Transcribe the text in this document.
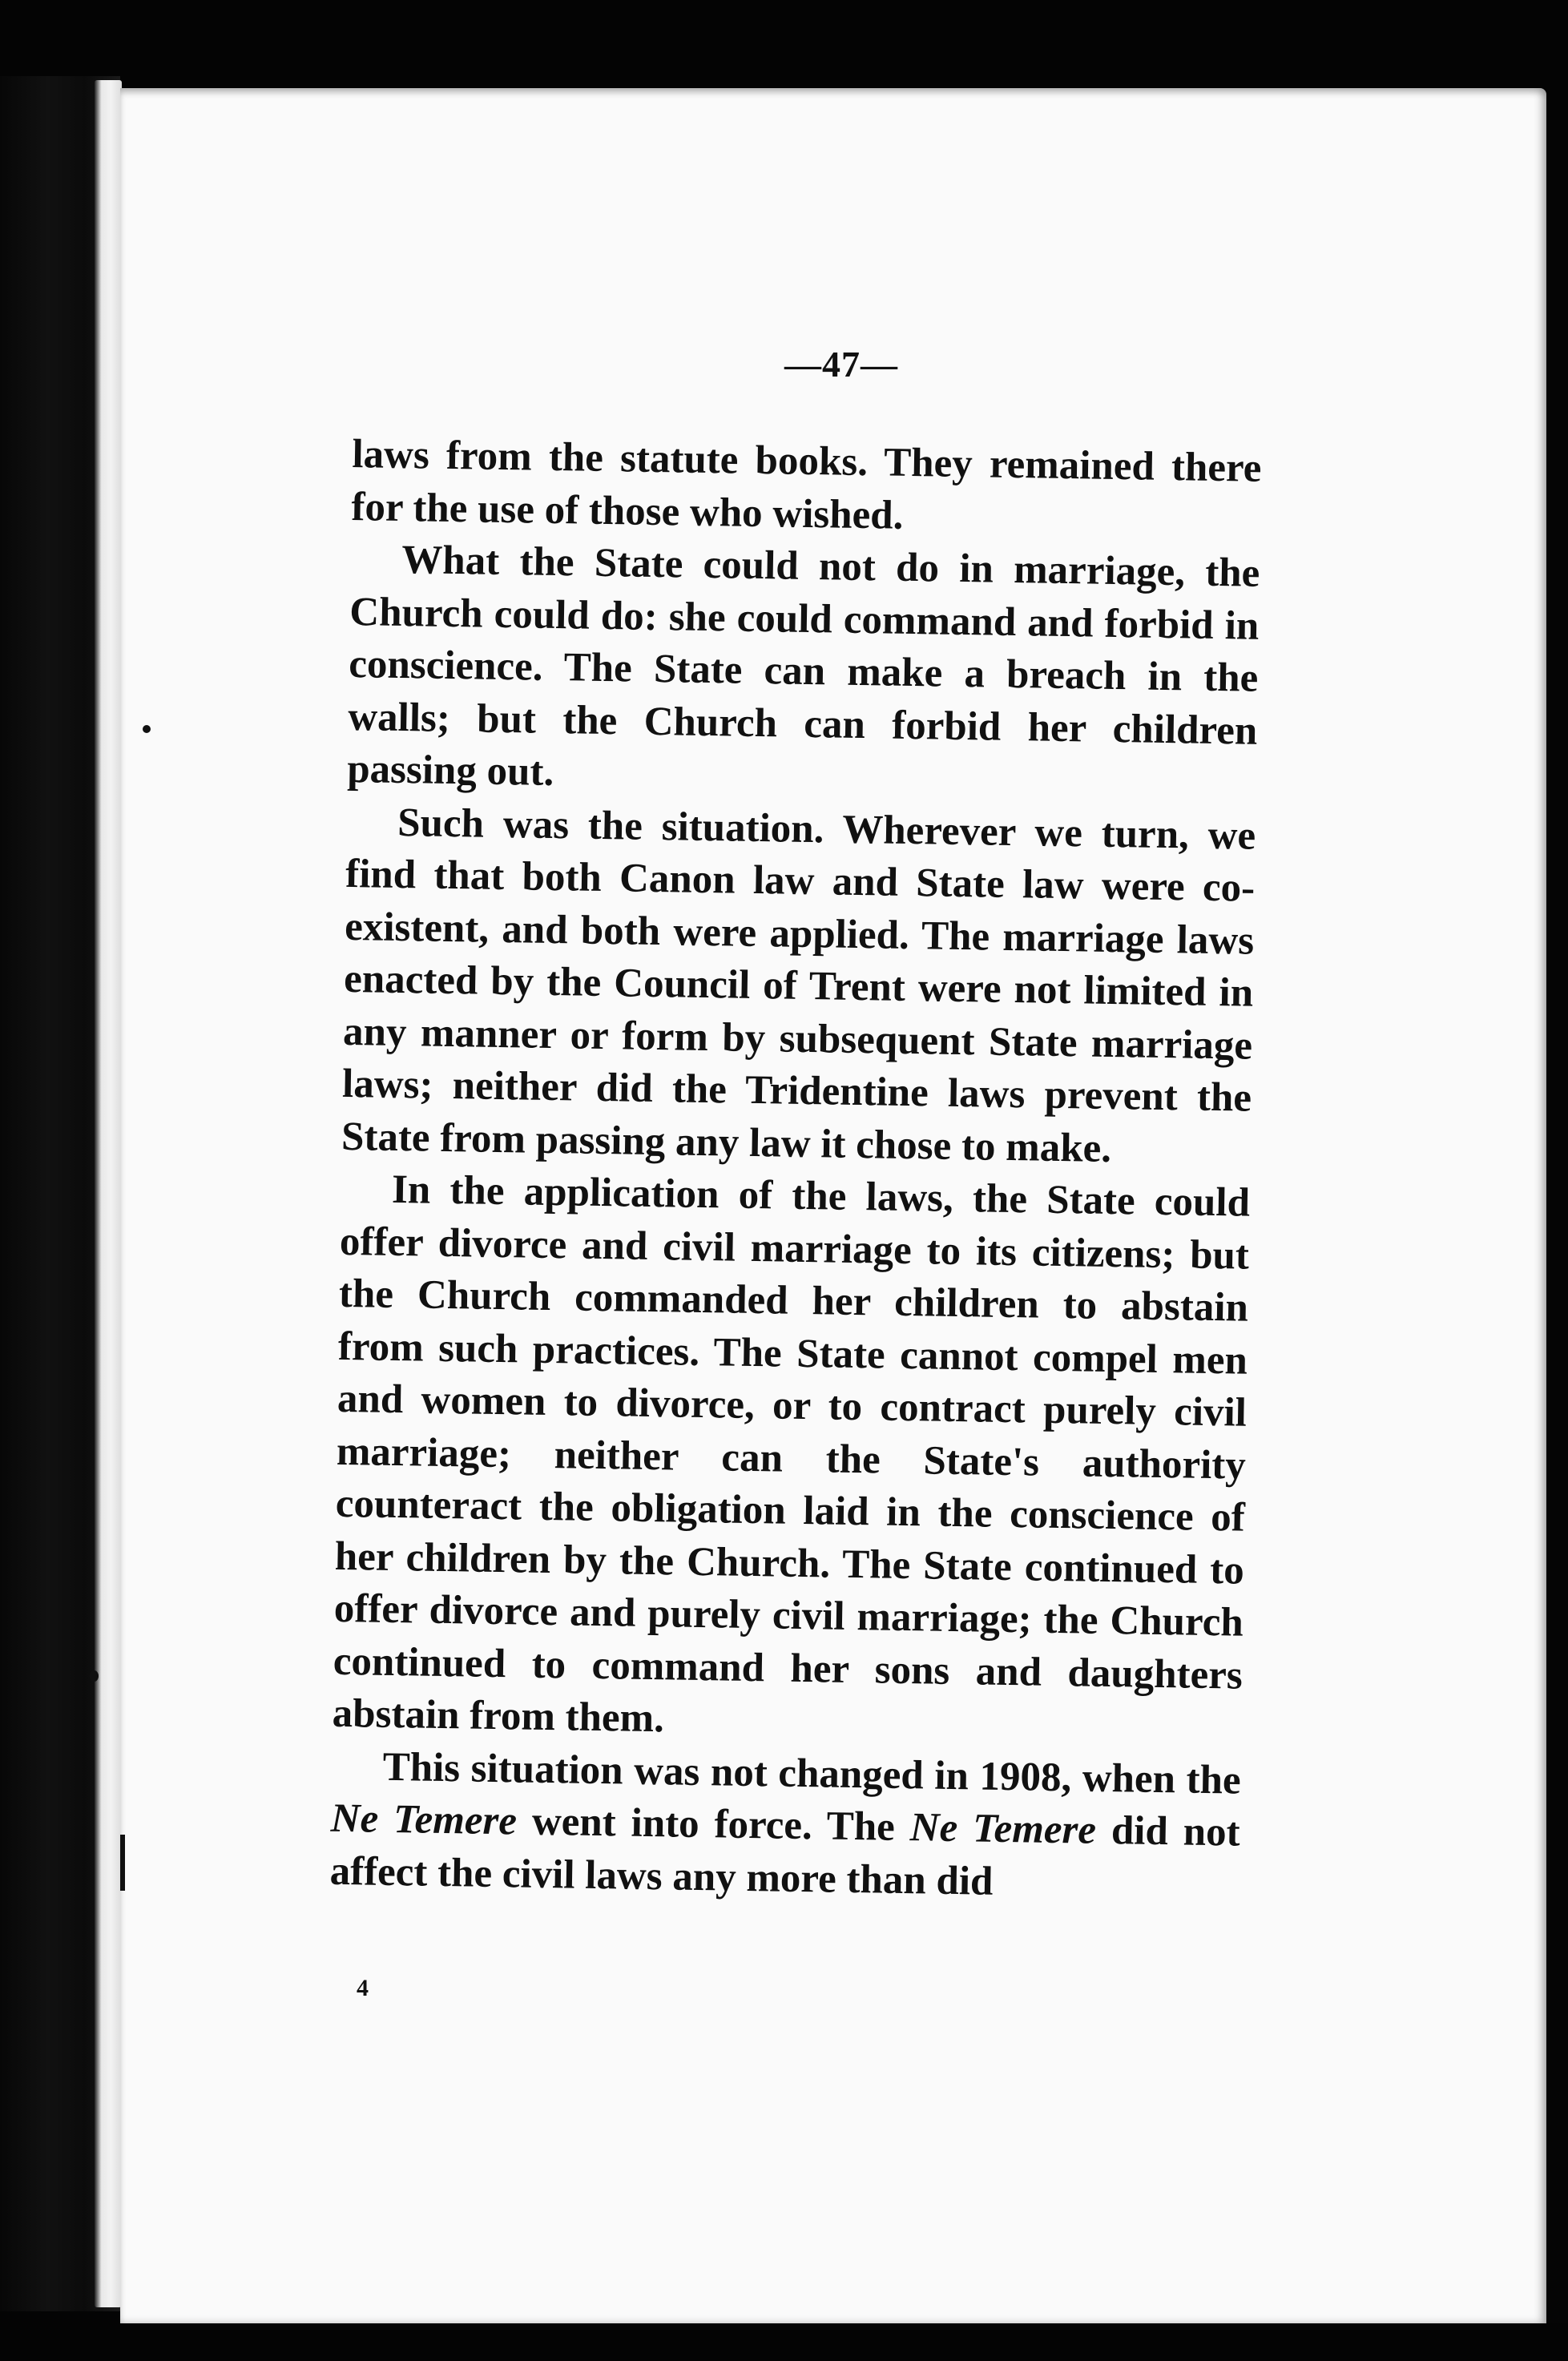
—47—

laws from the statute books. They remained there for the use of those who wished.

What the State could not do in marriage, the Church could do: she could command and forbid in conscience. The State can make a breach in the walls; but the Church can forbid her children passing out.

Such was the situation. Wherever we turn, we find that both Canon law and State law were co-existent, and both were applied. The marriage laws enacted by the Council of Trent were not limited in any manner or form by subsequent State marriage laws; neither did the Tridentine laws prevent the State from passing any law it chose to make.

In the application of the laws, the State could offer divorce and civil marriage to its citizens; but the Church commanded her children to abstain from such practices. The State cannot compel men and women to divorce, or to contract purely civil marriage; neither can the State's authority counteract the obligation laid in the conscience of her children by the Church. The State continued to offer divorce and purely civil marriage; the Church continued to command her sons and daughters abstain from them.

This situation was not changed in 1908, when the Ne Temere went into force. The Ne Temere did not affect the civil laws any more than did

4
